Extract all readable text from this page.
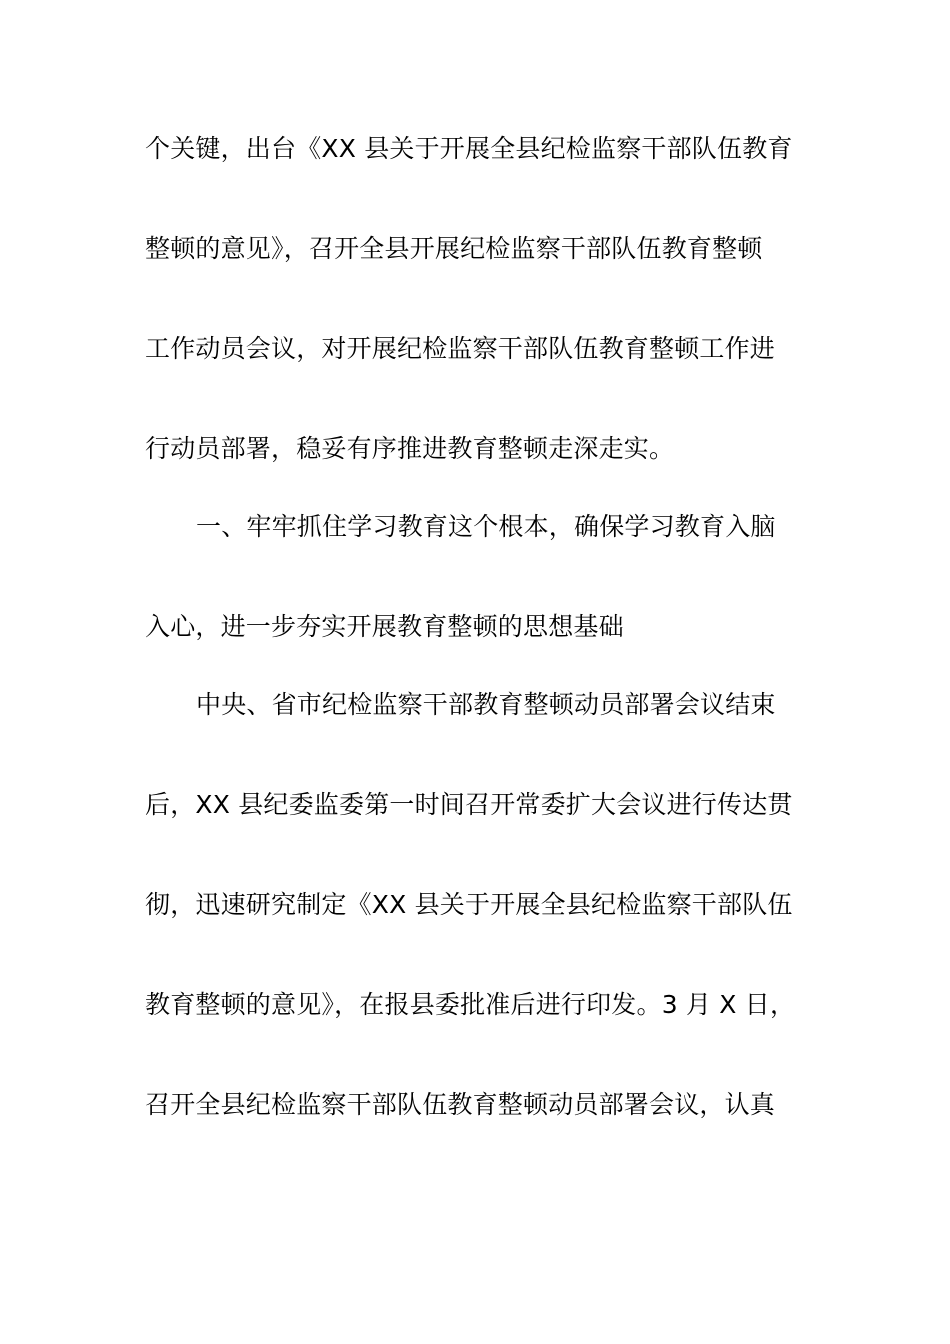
个关键，出台《XX 县关于开展全县纪检监察干部队伍教育
整顿的意见》，召开全县开展纪检监察干部队伍教育整顿
工作动员会议，对开展纪检监察干部队伍教育整顿工作进
行动员部署，稳妥有序推进教育整顿走深走实。
一、牢牢抓住学习教育这个根本，确保学习教育入脑
入心，进一步夯实开展教育整顿的思想基础
中央、省市纪检监察干部教育整顿动员部署会议结束
后，XX 县纪委监委第一时间召开常委扩大会议进行传达贯
彻，迅速研究制定《XX 县关于开展全县纪检监察干部队伍
教育整顿的意见》，在报县委批准后进行印发。3 月 X 日，
召开全县纪检监察干部队伍教育整顿动员部署会议，认真
